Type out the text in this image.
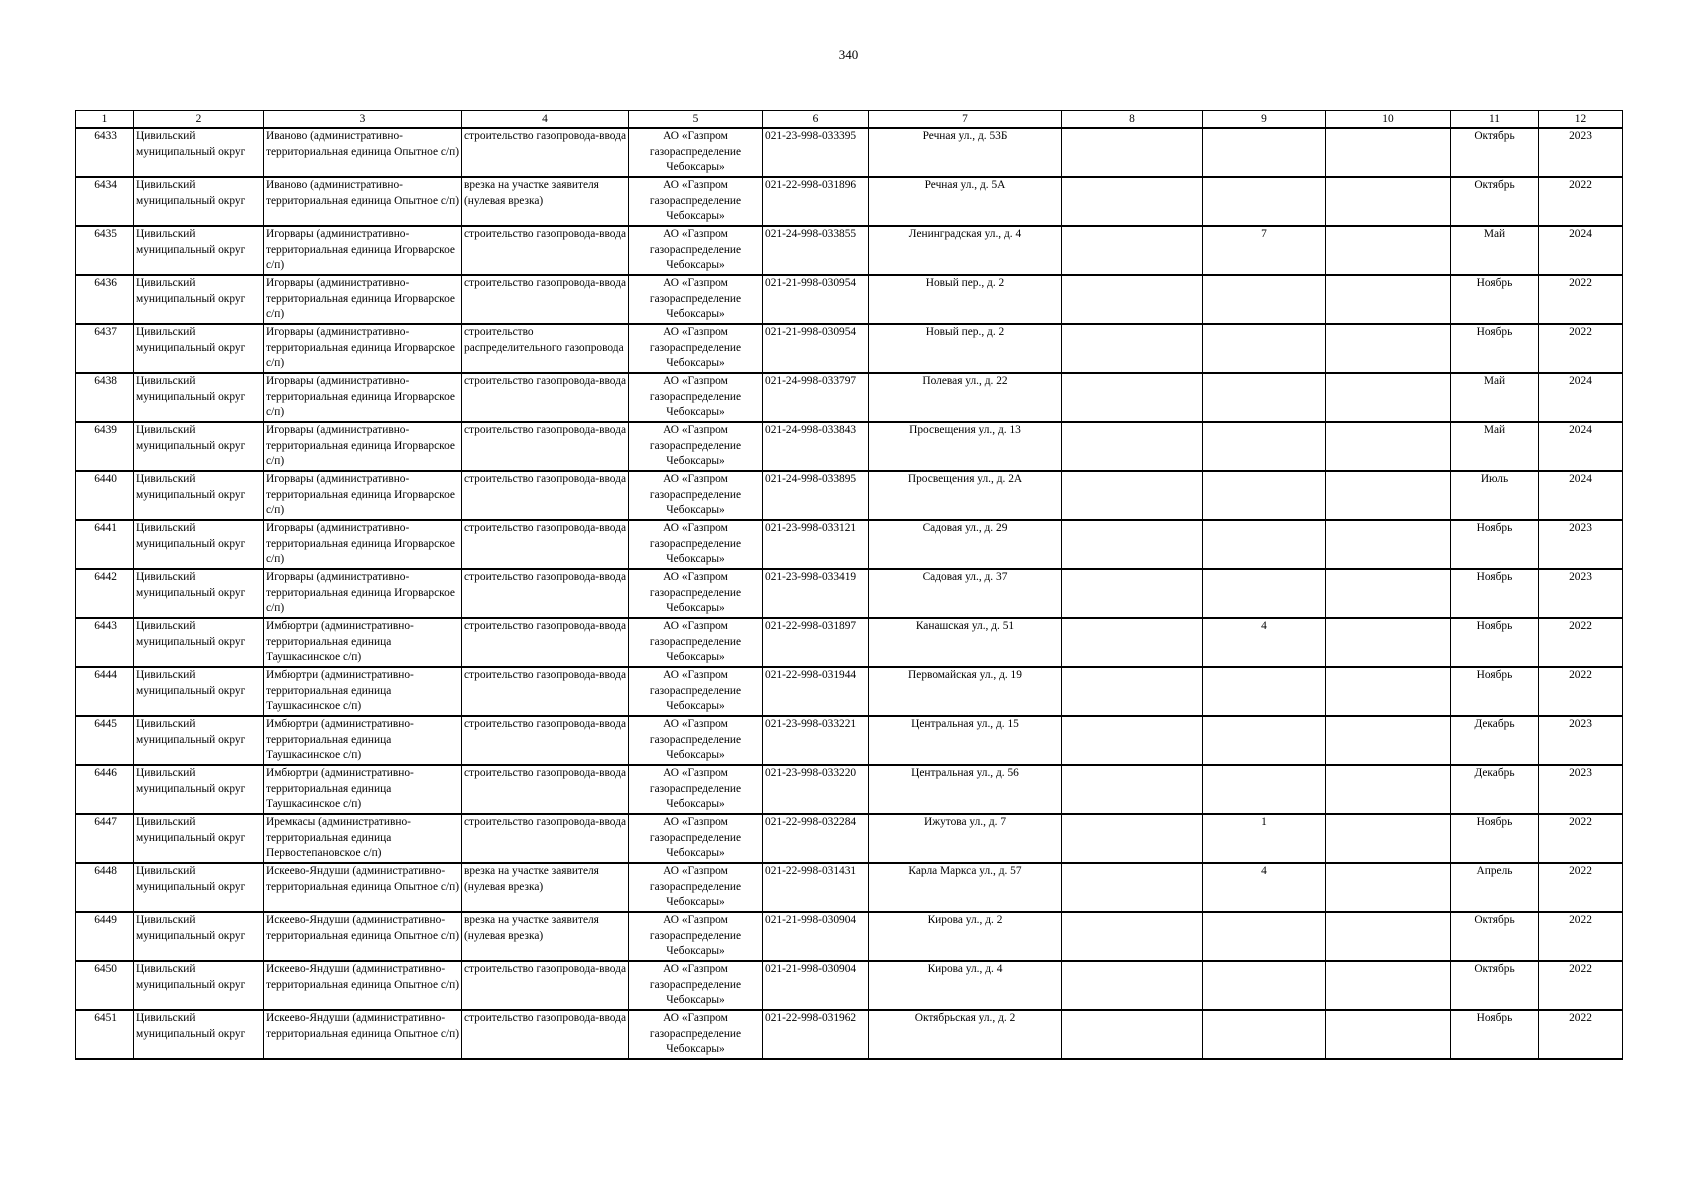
340
1	2	3	4	5	6	7	8	9	10	11	12
6433	Цивильский муниципальный округ	Иваново (административно-территориальная единица Опытное с/п)	строительство газопровода-ввода	АО «Газпром газораспределение Чебоксары»	021-23-998-033395	Речная ул., д. 53Б				Октябрь	2023
6434	Цивильский муниципальный округ	Иваново (административно-территориальная единица Опытное с/п)	врезка на участке заявителя (нулевая врезка)	АО «Газпром газораспределение Чебоксары»	021-22-998-031896	Речная ул., д. 5А				Октябрь	2022
6435	Цивильский муниципальный округ	Игорвары (административно-территориальная единица Игорварское с/п)	строительство газопровода-ввода	АО «Газпром газораспределение Чебоксары»	021-24-998-033855	Ленинградская ул., д. 4		7		Май	2024
6436	Цивильский муниципальный округ	Игорвары (административно-территориальная единица Игорварское с/п)	строительство газопровода-ввода	АО «Газпром газораспределение Чебоксары»	021-21-998-030954	Новый пер., д. 2				Ноябрь	2022
6437	Цивильский муниципальный округ	Игорвары (административно-территориальная единица Игорварское с/п)	строительство распределительного газопровода	АО «Газпром газораспределение Чебоксары»	021-21-998-030954	Новый пер., д. 2				Ноябрь	2022
6438	Цивильский муниципальный округ	Игорвары (административно-территориальная единица Игорварское с/п)	строительство газопровода-ввода	АО «Газпром газораспределение Чебоксары»	021-24-998-033797	Полевая ул., д. 22				Май	2024
6439	Цивильский муниципальный округ	Игорвары (административно-территориальная единица Игорварское с/п)	строительство газопровода-ввода	АО «Газпром газораспределение Чебоксары»	021-24-998-033843	Просвещения ул., д. 13				Май	2024
6440	Цивильский муниципальный округ	Игорвары (административно-территориальная единица Игорварское с/п)	строительство газопровода-ввода	АО «Газпром газораспределение Чебоксары»	021-24-998-033895	Просвещения ул., д. 2А				Июль	2024
6441	Цивильский муниципальный округ	Игорвары (административно-территориальная единица Игорварское с/п)	строительство газопровода-ввода	АО «Газпром газораспределение Чебоксары»	021-23-998-033121	Садовая ул., д. 29				Ноябрь	2023
6442	Цивильский муниципальный округ	Игорвары (административно-территориальная единица Игорварское с/п)	строительство газопровода-ввода	АО «Газпром газораспределение Чебоксары»	021-23-998-033419	Садовая ул., д. 37				Ноябрь	2023
6443	Цивильский муниципальный округ	Имбюртри (административно-территориальная единица Таушкасинское с/п)	строительство газопровода-ввода	АО «Газпром газораспределение Чебоксары»	021-22-998-031897	Канашская ул., д. 51		4		Ноябрь	2022
6444	Цивильский муниципальный округ	Имбюртри (административно-территориальная единица Таушкасинское с/п)	строительство газопровода-ввода	АО «Газпром газораспределение Чебоксары»	021-22-998-031944	Первомайская ул., д. 19				Ноябрь	2022
6445	Цивильский муниципальный округ	Имбюртри (административно-территориальная единица Таушкасинское с/п)	строительство газопровода-ввода	АО «Газпром газораспределение Чебоксары»	021-23-998-033221	Центральная ул., д. 15				Декабрь	2023
6446	Цивильский муниципальный округ	Имбюртри (административно-территориальная единица Таушкасинское с/п)	строительство газопровода-ввода	АО «Газпром газораспределение Чебоксары»	021-23-998-033220	Центральная ул., д. 56				Декабрь	2023
6447	Цивильский муниципальный округ	Иремкасы (административно-территориальная единица Первостепановское с/п)	строительство газопровода-ввода	АО «Газпром газораспределение Чебоксары»	021-22-998-032284	Ижутова ул., д. 7		1		Ноябрь	2022
6448	Цивильский муниципальный округ	Искеево-Яндуши (административно-территориальная единица Опытное с/п)	врезка на участке заявителя (нулевая врезка)	АО «Газпром газораспределение Чебоксары»	021-22-998-031431	Карла Маркса ул., д. 57		4		Апрель	2022
6449	Цивильский муниципальный округ	Искеево-Яндуши (административно-территориальная единица Опытное с/п)	врезка на участке заявителя (нулевая врезка)	АО «Газпром газораспределение Чебоксары»	021-21-998-030904	Кирова ул., д. 2				Октябрь	2022
6450	Цивильский муниципальный округ	Искеево-Яндуши (административно-территориальная единица Опытное с/п)	строительство газопровода-ввода	АО «Газпром газораспределение Чебоксары»	021-21-998-030904	Кирова ул., д. 4				Октябрь	2022
6451	Цивильский муниципальный округ	Искеево-Яндуши (административно-территориальная единица Опытное с/п)	строительство газопровода-ввода	АО «Газпром газораспределение Чебоксары»	021-22-998-031962	Октябрьская ул., д. 2				Ноябрь	2022
